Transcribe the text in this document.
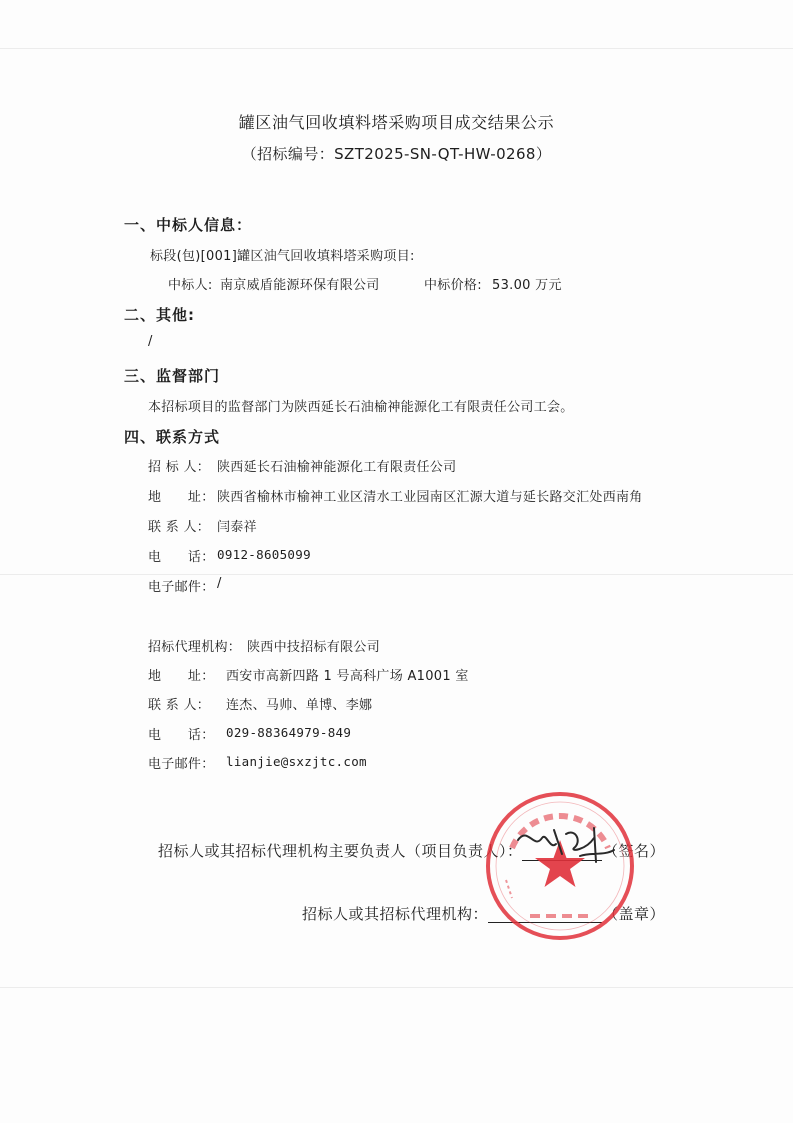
罐区油气回收填料塔采购项目成交结果公示
（招标编号：SZT2025-SN-QT-HW-0268）
一、中标人信息：
标段(包)[001]罐区油气回收填料塔采购项目:
中标人: 南京威盾能源环保有限公司	中标价格: 53.00 万元
二、其他:
/
三、监督部门
本招标项目的监督部门为陕西延长石油榆神能源化工有限责任公司工会。
四、联系方式
招 标 人： 陕西延长石油榆神能源化工有限责任公司
地　　址： 陕西省榆林市榆神工业区清水工业园南区汇源大道与延长路交汇处西南角
联 系 人： 闫泰祥
电　　话： 0912-8605099
电子邮件： /
招标代理机构： 陕西中技招标有限公司
地　　址： 西安市高新四路 1 号高科广场 A1001 室
联 系 人： 连杰、马帅、单博、李娜
电　　话： 029-88364979-849
电子邮件： lianjie@sxzjtc.com
招标人或其招标代理机构主要负责人（项目负责人）：	（签名）
招标人或其招标代理机构：	（盖章）
